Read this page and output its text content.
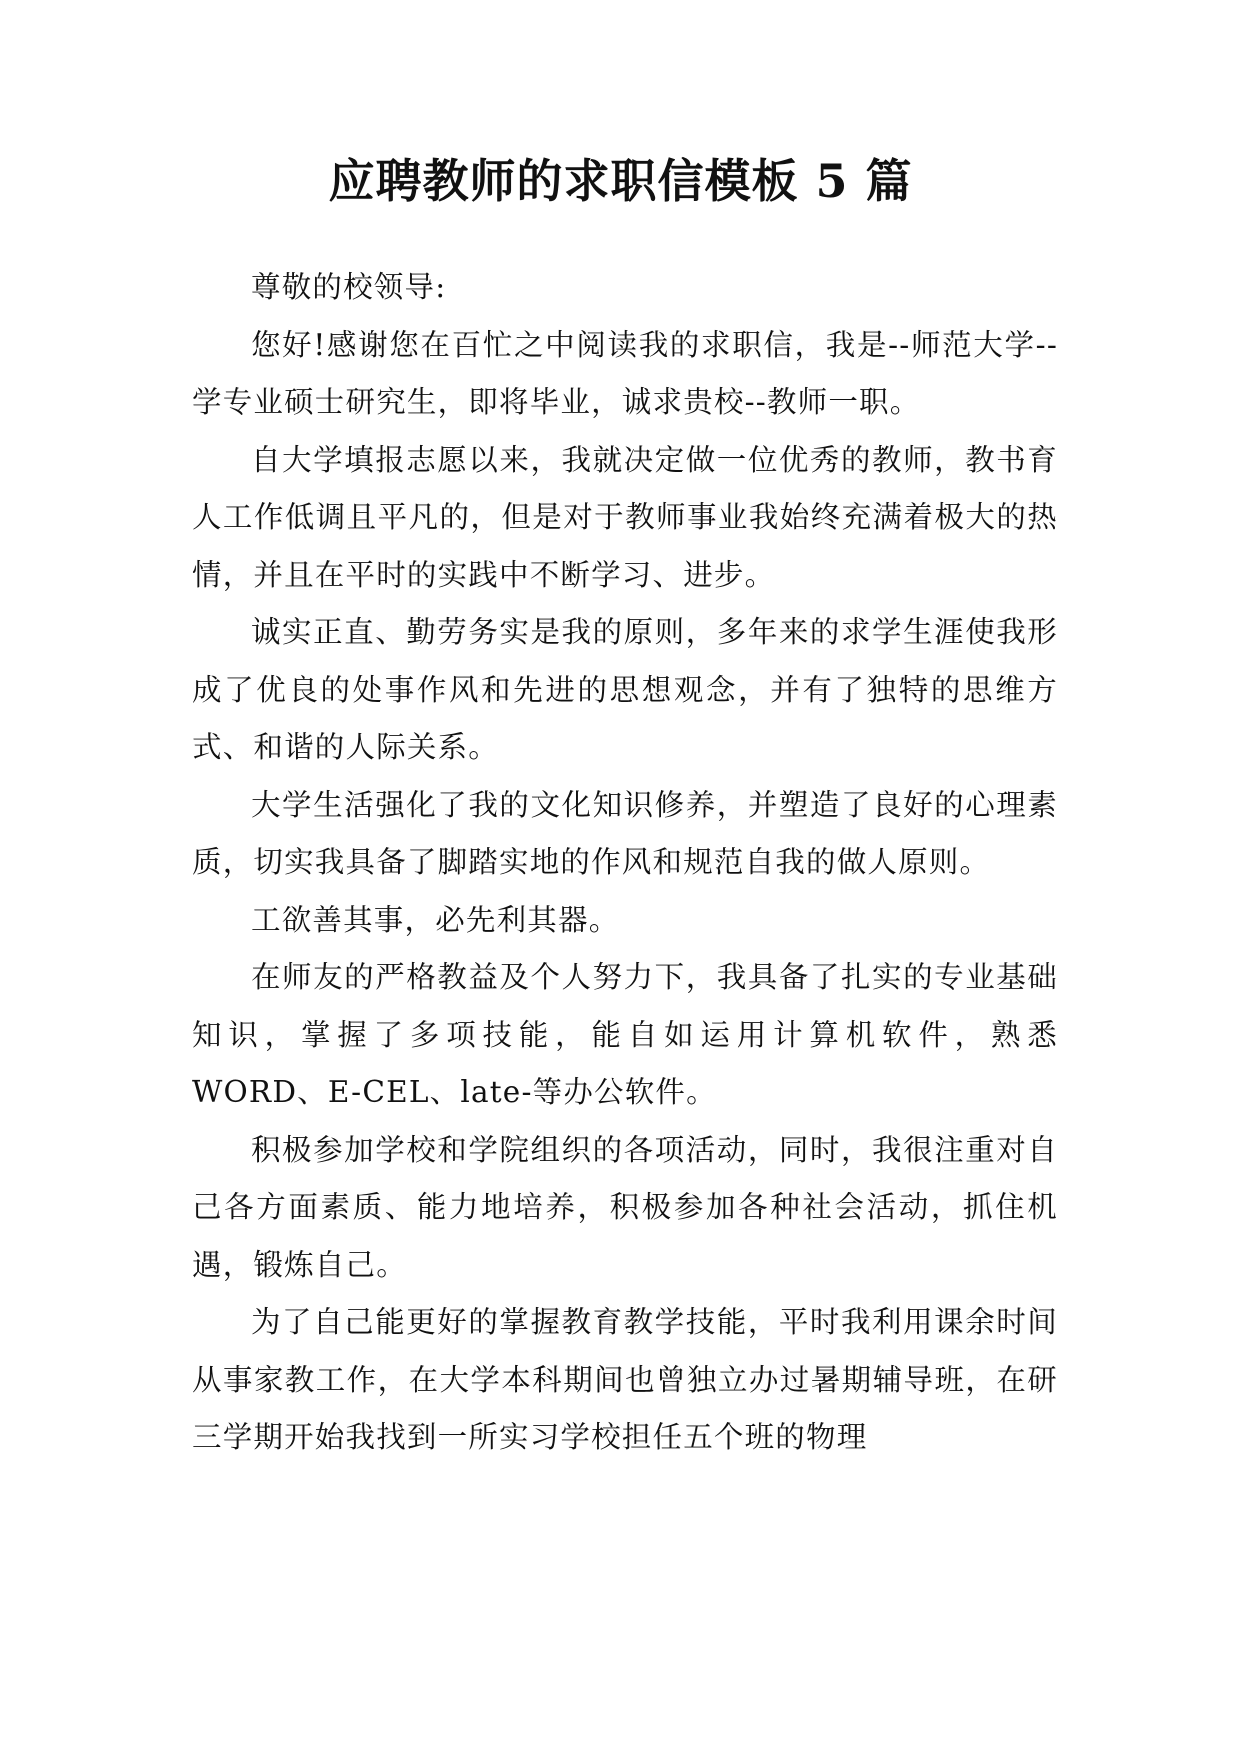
应聘教师的求职信模板 5 篇

尊敬的校领导:

您好!感谢您在百忙之中阅读我的求职信，我是--师范大学--学专业硕士研究生，即将毕业，诚求贵校--教师一职。

自大学填报志愿以来，我就决定做一位优秀的教师，教书育人工作低调且平凡的，但是对于教师事业我始终充满着极大的热情，并且在平时的实践中不断学习、进步。

诚实正直、勤劳务实是我的原则，多年来的求学生涯使我形成了优良的处事作风和先进的思想观念，并有了独特的思维方式、和谐的人际关系。

大学生活强化了我的文化知识修养，并塑造了良好的心理素质，切实我具备了脚踏实地的作风和规范自我的做人原则。

工欲善其事，必先利其器。

在师友的严格教益及个人努力下，我具备了扎实的专业基础知识，掌握了多项技能，能自如运用计算机软件，熟悉WORD、E-CEL、late-等办公软件。

积极参加学校和学院组织的各项活动，同时，我很注重对自己各方面素质、能力地培养，积极参加各种社会活动，抓住机遇，锻炼自己。

为了自己能更好的掌握教育教学技能，平时我利用课余时间从事家教工作，在大学本科期间也曾独立办过暑期辅导班，在研三学期开始我找到一所实习学校担任五个班的物理
